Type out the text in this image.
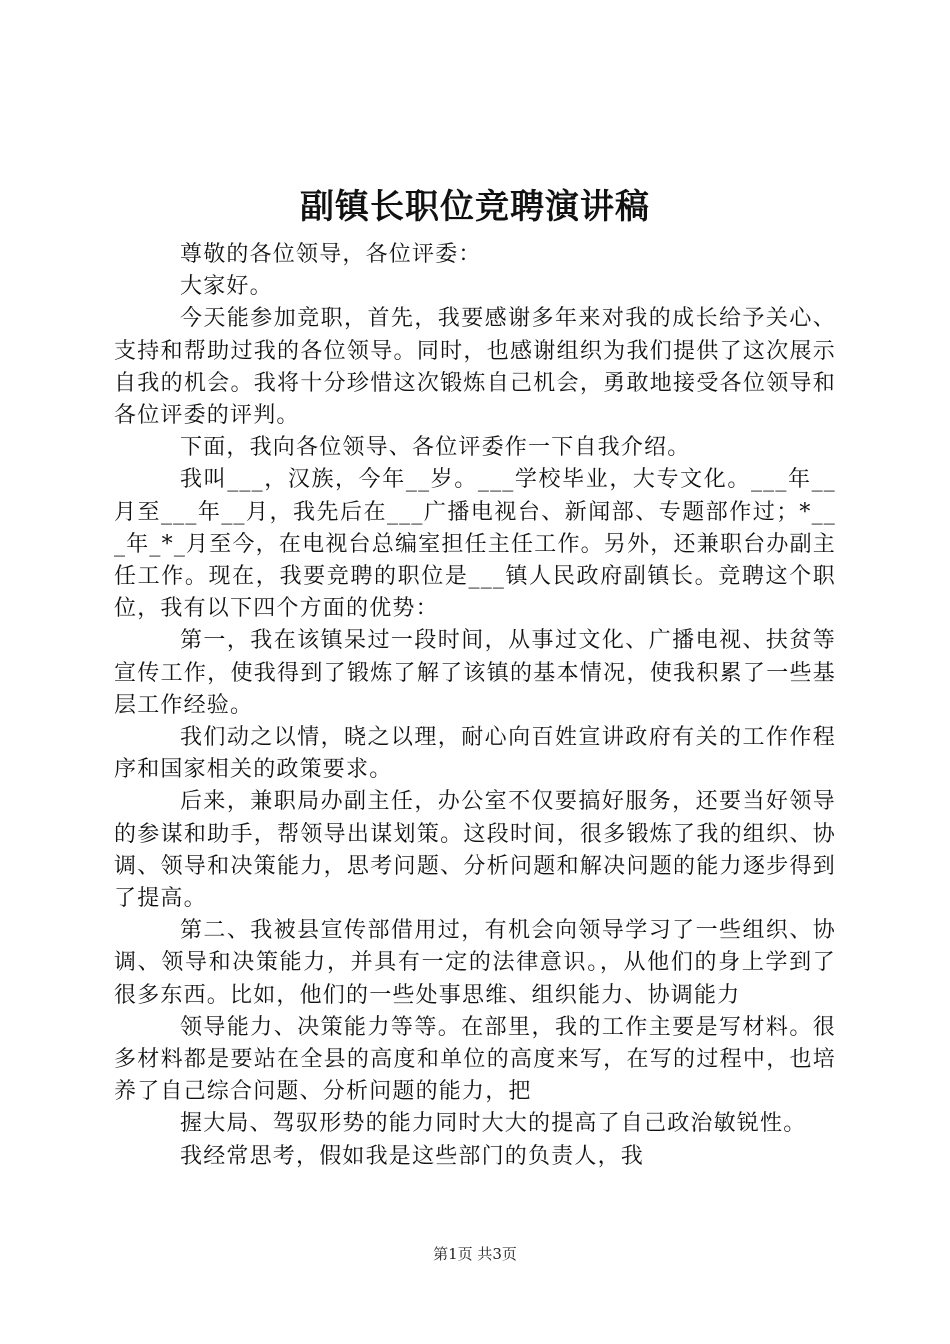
副镇长职位竞聘演讲稿

尊敬的各位领导，各位评委：

大家好。

今天能参加竞职，首先，我要感谢多年来对我的成长给予关心、支持和帮助过我的各位领导。同时，也感谢组织为我们提供了这次展示自我的机会。我将十分珍惜这次锻炼自己机会，勇敢地接受各位领导和各位评委的评判。

下面，我向各位领导、各位评委作一下自我介绍。

我叫___，汉族，今年__岁。___学校毕业，大专文化。___年__月至___年__月，我先后在___广播电视台、新闻部、专题部作过；*___年_*_月至今，在电视台总编室担任主任工作。另外，还兼职台办副主任工作。现在，我要竞聘的职位是___镇人民政府副镇长。竞聘这个职位，我有以下四个方面的优势：

第一，我在该镇呆过一段时间，从事过文化、广播电视、扶贫等宣传工作，使我得到了锻炼了解了该镇的基本情况，使我积累了一些基层工作经验。

我们动之以情，晓之以理，耐心向百姓宣讲政府有关的工作作程序和国家相关的政策要求。

后来，兼职局办副主任，办公室不仅要搞好服务，还要当好领导的参谋和助手，帮领导出谋划策。这段时间，很多锻炼了我的组织、协调、领导和决策能力，思考问题、分析问题和解决问题的能力逐步得到了提高。

第二、我被县宣传部借用过，有机会向领导学习了一些组织、协调、领导和决策能力，并具有一定的法律意识。，从他们的身上学到了很多东西。比如，他们的一些处事思维、组织能力、协调能力

领导能力、决策能力等等。在部里，我的工作主要是写材料。很多材料都是要站在全县的高度和单位的高度来写，在写的过程中，也培养了自己综合问题、分析问题的能力，把

握大局、驾驭形势的能力同时大大的提高了自己政治敏锐性。

我经常思考，假如我是这些部门的负责人，我

第1页 共3页
